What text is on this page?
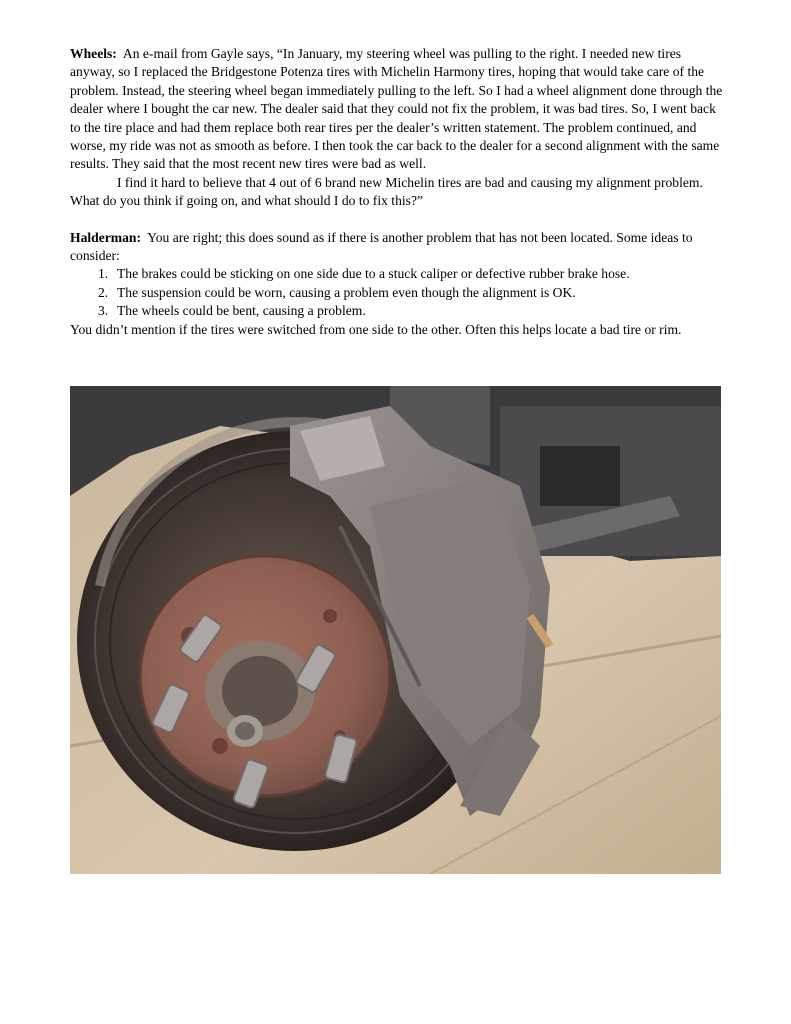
Wheels: An e-mail from Gayle says, “In January, my steering wheel was pulling to the right. I needed new tires anyway, so I replaced the Bridgestone Potenza tires with Michelin Harmony tires, hoping that would take care of the problem. Instead, the steering wheel began immediately pulling to the left. So I had a wheel alignment done through the dealer where I bought the car new. The dealer said that they could not fix the problem, it was bad tires. So, I went back to the tire place and had them replace both rear tires per the dealer’s written statement. The problem continued, and worse, my ride was not as smooth as before. I then took the car back to the dealer for a second alignment with the same results. They said that the most recent new tires were bad as well.

I find it hard to believe that 4 out of 6 brand new Michelin tires are bad and causing my alignment problem. What do you think if going on, and what should I do to fix this?”

Halderman: You are right; this does sound as if there is another problem that has not been located. Some ideas to consider:

1. The brakes could be sticking on one side due to a stuck caliper or defective rubber brake hose.
2. The suspension could be worn, causing a problem even though the alignment is OK.
3. The wheels could be bent, causing a problem.

You didn’t mention if the tires were switched from one side to the other. Often this helps locate a bad tire or rim.
